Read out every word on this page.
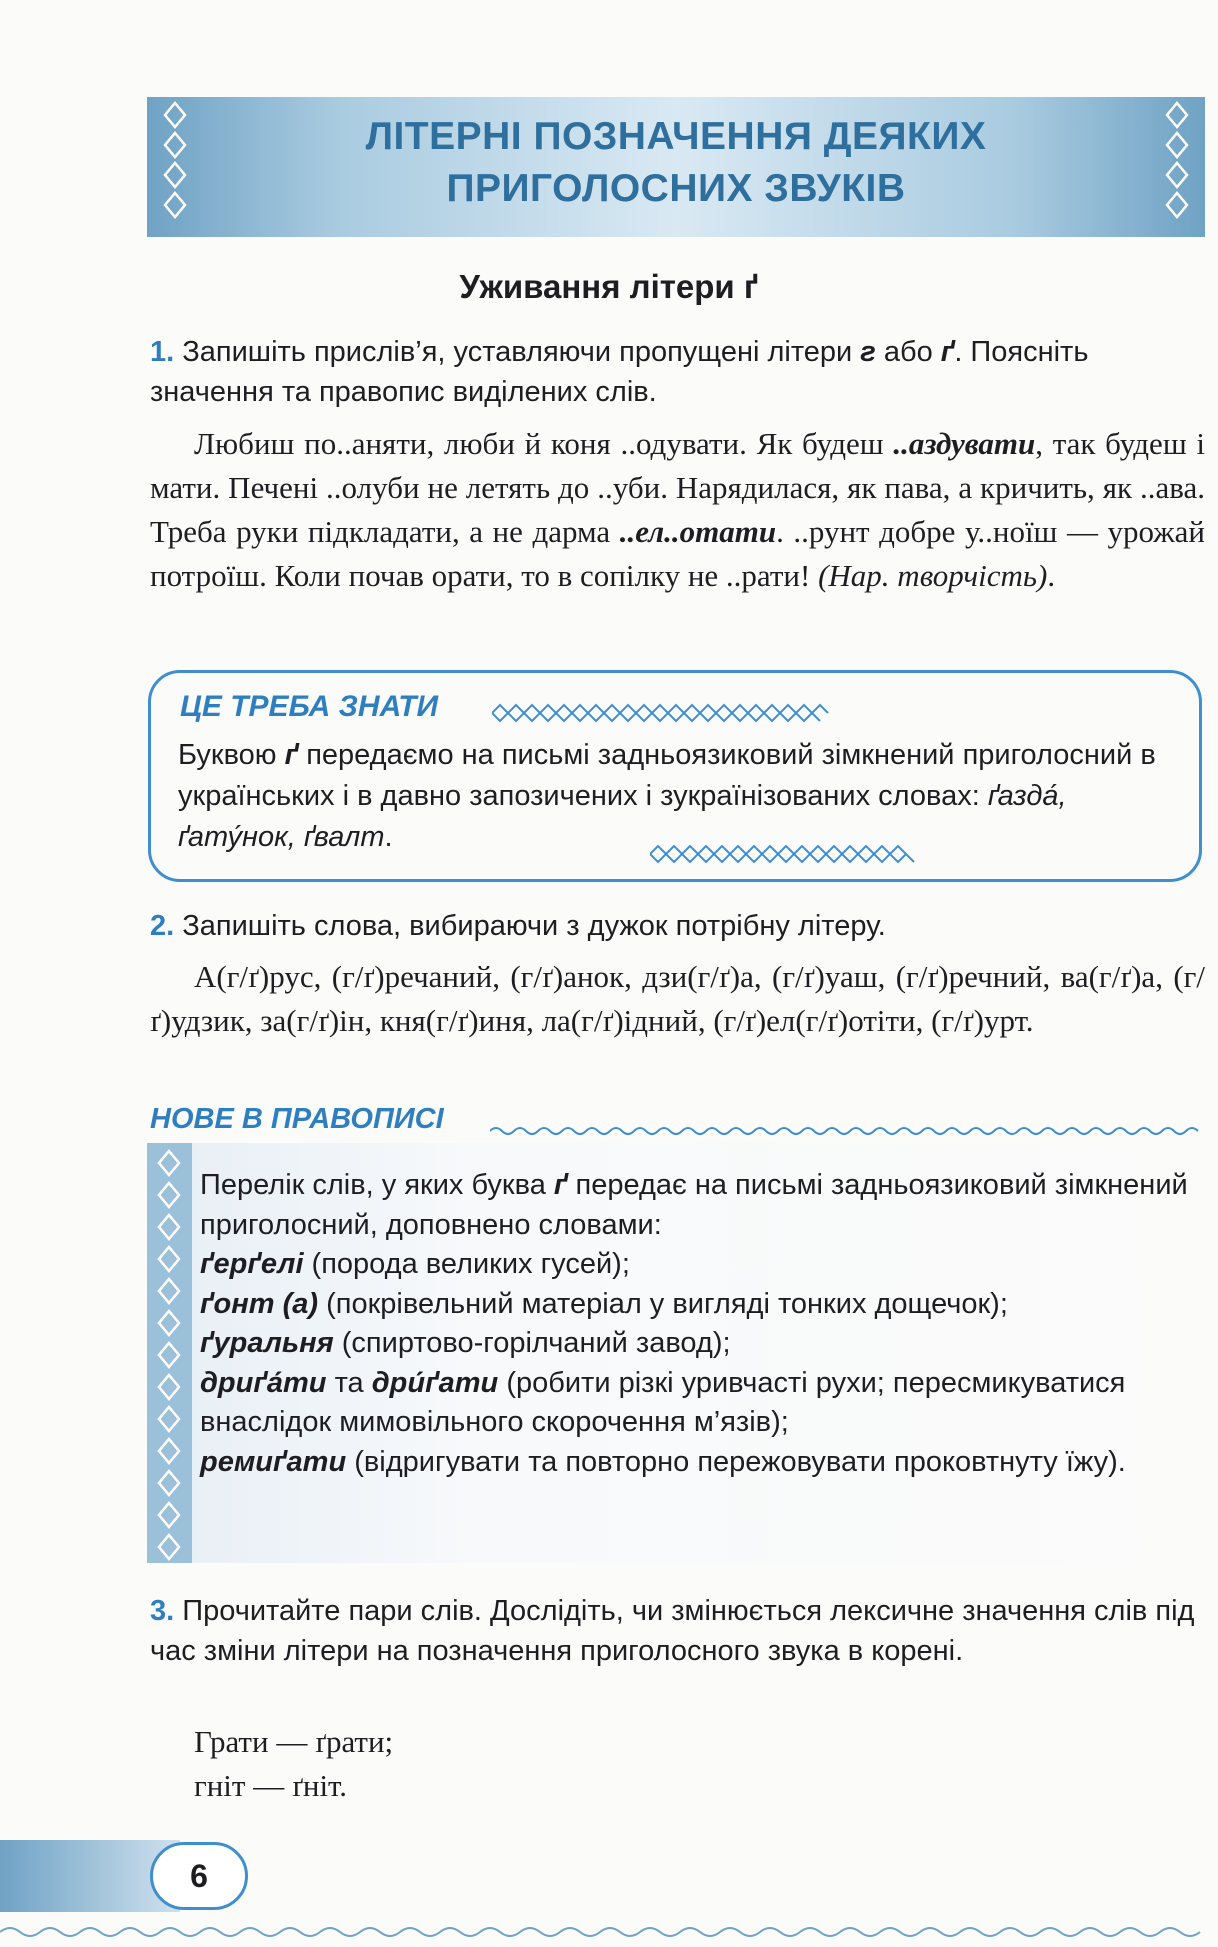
ЛІТЕРНІ ПОЗНАЧЕННЯ ДЕЯКИХ
ПРИГОЛОСНИХ ЗВУКІВ
Уживання літери ґ
1. Запишіть прислів’я, уставляючи пропущені літери г або ґ. Поясніть значення та правопис виділених слів.
Любиш по..аняти, люби й коня ..одувати. Як будеш ..аздувати, так будеш і мати. Печені ..олуби не летять до ..уби. Нарядилася, як пава, а кричить, як ..ава. Треба руки підкладати, а не дарма ..ел..отати. ..рунт добре у..ноїш — урожай потроїш. Коли почав орати, то в сопілку не ..рати! (Нар. творчість).
ЦЕ ТРЕБА ЗНАТИ
Буквою ґ передаємо на письмі задньоязиковий зімкнений приголосний в українських і в давно запозичених і зукраїнізованих словах: ґазда́, ґату́нок, ґвалт.
2. Запишіть слова, вибираючи з дужок потрібну літеру.
А(г/ґ)рус, (г/ґ)речаний, (г/ґ)анок, дзи(г/ґ)а, (г/ґ)уаш, (г/ґ)речний, ва(г/ґ)а, (г/ґ)удзик, за(г/ґ)ін, кня(г/ґ)иня, ла(г/ґ)ідний, (г/ґ)ел(г/ґ)отіти, (г/ґ)урт.
НОВЕ В ПРАВОПИСІ
Перелік слів, у яких буква ґ передає на письмі задньоязиковий зімкнений приголосний, доповнено словами:
ґерґелі (порода великих гусей);
ґонт (а) (покрівельний матеріал у вигляді тонких дощечок);
ґуральня (спиртово-горілчаний завод);
дриґа́ти та дри́ґати (робити різкі уривчасті рухи; пересмикуватися внаслідок мимовільного скорочення м’язів);
ремиґати (відригувати та повторно пережовувати проковтнуту їжу).
3. Прочитайте пари слів. Дослідіть, чи змінюється лексичне значення слів під час зміни літери на позначення приголосного звука в корені.
Грати — ґрати;
гніт — ґніт.
6
